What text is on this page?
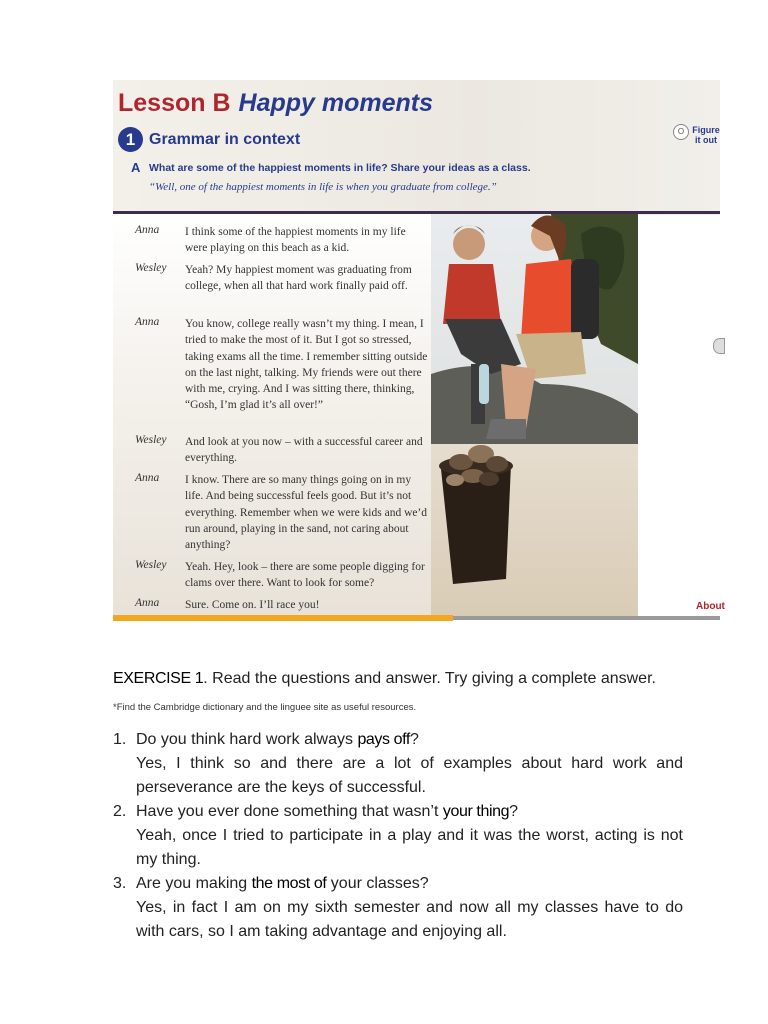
Lesson B Happy moments
1 Grammar in context
A What are some of the happiest moments in life? Share your ideas as a class.
“Well, one of the happiest moments in life is when you graduate from college.”
O Figure
it out
Anna I think some of the happiest moments in my life were playing on this beach as a kid.
Wesley Yeah? My happiest moment was graduating from college, when all that hard work finally paid off.
Anna You know, college really wasn’t my thing. I mean, I tried to make the most of it. But I got so stressed, taking exams all the time. I remember sitting outside on the last night, talking. My friends were out there with me, crying. And I was sitting there, thinking, “Gosh, I’m glad it’s all over!”
Wesley And look at you now – with a successful career and everything.
Anna I know. There are so many things going on in my life. And being successful feels good. But it’s not everything. Remember when we were kids and we’d run around, playing in the sand, not caring about anything?
Wesley Yeah. Hey, look – there are some people digging for clams over there. Want to look for some?
Anna Sure. Come on. I’ll race you!	About
EXERCISE 1. Read the questions and answer. Try giving a complete answer.
*Find the Cambridge dictionary and the linguee site as useful resources.
1. Do you think hard work always pays off?
Yes, I think so and there are a lot of examples about hard work and perseverance are the keys of successful.
2. Have you ever done something that wasn’t your thing?
Yeah, once I tried to participate in a play and it was the worst, acting is not my thing.
3. Are you making the most of your classes?
Yes, in fact I am on my sixth semester and now all my classes have to do with cars, so I am taking advantage and enjoying all.
